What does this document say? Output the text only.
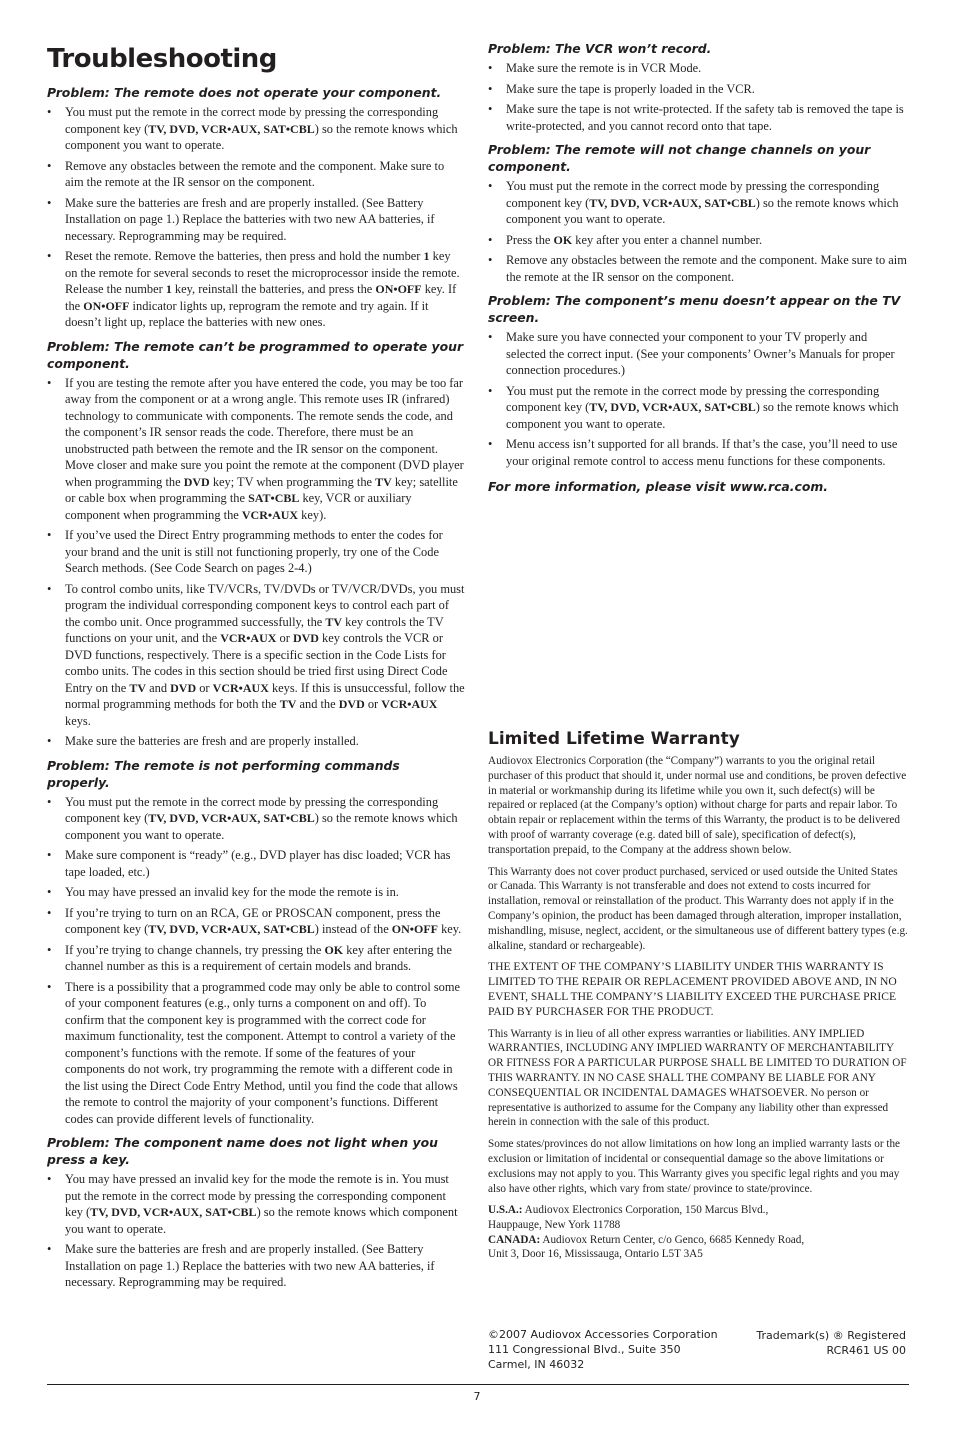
Troubleshooting

Problem: The remote does not operate your component.

• You must put the remote in the correct mode by pressing the corresponding component key (TV, DVD, VCR•AUX, SAT•CBL) so the remote knows which component you want to operate.
• Remove any obstacles between the remote and the component. Make sure to aim the remote at the IR sensor on the component.
• Make sure the batteries are fresh and are properly installed. (See Battery Installation on page 1.) Replace the batteries with two new AA batteries, if necessary. Reprogramming may be required.
• Reset the remote. Remove the batteries, then press and hold the number 1 key on the remote for several seconds to reset the microprocessor inside the remote. Release the number 1 key, reinstall the batteries, and press the ON•OFF key. If the ON•OFF indicator lights up, reprogram the remote and try again. If it doesn’t light up, replace the batteries with new ones.

Problem: The remote can’t be programmed to operate your component.

• If you are testing the remote after you have entered the code, you may be too far away from the component or at a wrong angle. This remote uses IR (infrared) technology to communicate with components. The remote sends the code, and the component’s IR sensor reads the code. Therefore, there must be an unobstructed path between the remote and the IR sensor on the component. Move closer and make sure you point the remote at the component (DVD player when programming the DVD key; TV when programming the TV key; satellite or cable box when programming the SAT•CBL key, VCR or auxiliary component when programming the VCR•AUX key).
• If you’ve used the Direct Entry programming methods to enter the codes for your brand and the unit is still not functioning properly, try one of the Code Search methods. (See Code Search on pages 2-4.)
• To control combo units, like TV/VCRs, TV/DVDs or TV/VCR/DVDs, you must program the individual corresponding component keys to control each part of the combo unit. Once programmed successfully, the TV key controls the TV functions on your unit, and the VCR•AUX or DVD key controls the VCR or DVD functions, respectively. There is a specific section in the Code Lists for combo units. The codes in this section should be tried first using Direct Code Entry on the TV and DVD or VCR•AUX keys. If this is unsuccessful, follow the normal programming methods for both the TV and the DVD or VCR•AUX keys.
• Make sure the batteries are fresh and are properly installed.

Problem: The remote is not performing commands properly.

• You must put the remote in the correct mode by pressing the corresponding component key (TV, DVD, VCR•AUX, SAT•CBL) so the remote knows which component you want to operate.
• Make sure component is “ready” (e.g., DVD player has disc loaded; VCR has tape loaded, etc.)
• You may have pressed an invalid key for the mode the remote is in.
• If you’re trying to turn on an RCA, GE or PROSCAN component, press the component key (TV, DVD, VCR•AUX, SAT•CBL) instead of the ON•OFF key.
• If you’re trying to change channels, try pressing the OK key after entering the channel number as this is a requirement of certain models and brands.
• There is a possibility that a programmed code may only be able to control some of your component features (e.g., only turns a component on and off). To confirm that the component key is programmed with the correct code for maximum functionality, test the component. Attempt to control a variety of the component’s functions with the remote. If some of the features of your components do not work, try programming the remote with a different code in the list using the Direct Code Entry Method, until you find the code that allows the remote to control the majority of your component’s functions. Different codes can provide different levels of functionality.

Problem: The component name does not light when you press a key.

• You may have pressed an invalid key for the mode the remote is in. You must put the remote in the correct mode by pressing the corresponding component key (TV, DVD, VCR•AUX, SAT•CBL) so the remote knows which component you want to operate.
• Make sure the batteries are fresh and are properly installed. (See Battery Installation on page 1.) Replace the batteries with two new AA batteries, if necessary. Reprogramming may be required.

Problem: The VCR won’t record.

• Make sure the remote is in VCR Mode.
• Make sure the tape is properly loaded in the VCR.
• Make sure the tape is not write-protected. If the safety tab is removed the tape is write-protected, and you cannot record onto that tape.

Problem: The remote will not change channels on your component.

• You must put the remote in the correct mode by pressing the corresponding component key (TV, DVD, VCR•AUX, SAT•CBL) so the remote knows which component you want to operate.
• Press the OK key after you enter a channel number.
• Remove any obstacles between the remote and the component. Make sure to aim the remote at the IR sensor on the component.

Problem: The component’s menu doesn’t appear on the TV screen.

• Make sure you have connected your component to your TV properly and selected the correct input. (See your components’ Owner’s Manuals for proper connection procedures.)
• You must put the remote in the correct mode by pressing the corresponding component key (TV, DVD, VCR•AUX, SAT•CBL) so the remote knows which component you want to operate.
• Menu access isn’t supported for all brands. If that’s the case, you’ll need to use your original remote control to access menu functions for these components.

For more information, please visit www.rca.com.

Limited Lifetime Warranty

Audiovox Electronics Corporation (the “Company”) warrants to you the original retail purchaser of this product that should it, under normal use and conditions, be proven defective in material or workmanship during its lifetime while you own it, such defect(s) will be repaired or replaced (at the Company’s option) without charge for parts and repair labor. To obtain repair or replacement within the terms of this Warranty, the product is to be delivered with proof of warranty coverage (e.g. dated bill of sale), specification of defect(s), transportation prepaid, to the Company at the address shown below.

This Warranty does not cover product purchased, serviced or used outside the United States or Canada. This Warranty is not transferable and does not extend to costs incurred for installation, removal or reinstallation of the product. This Warranty does not apply if in the Company’s opinion, the product has been damaged through alteration, improper installation, mishandling, misuse, neglect, accident, or the simultaneous use of different battery types (e.g. alkaline, standard or rechargeable).

THE EXTENT OF THE COMPANY’S LIABILITY UNDER THIS WARRANTY IS LIMITED TO THE REPAIR OR REPLACEMENT PROVIDED ABOVE AND, IN NO EVENT, SHALL THE COMPANY’S LIABILITY EXCEED THE PURCHASE PRICE PAID BY PURCHASER FOR THE PRODUCT.

This Warranty is in lieu of all other express warranties or liabilities. ANY IMPLIED WARRANTIES, INCLUDING ANY IMPLIED WARRANTY OF MERCHANTABILITY OR FITNESS FOR A PARTICULAR PURPOSE SHALL BE LIMITED TO DURATION OF THIS WARRANTY. IN NO CASE SHALL THE COMPANY BE LIABLE FOR ANY CONSEQUENTIAL OR INCIDENTAL DAMAGES WHATSOEVER. No person or representative is authorized to assume for the Company any liability other than expressed herein in connection with the sale of this product.

Some states/provinces do not allow limitations on how long an implied warranty lasts or the exclusion or limitation of incidental or consequential damage so the above limitations or exclusions may not apply to you. This Warranty gives you specific legal rights and you may also have other rights, which vary from state/ province to state/province.

U.S.A.: Audiovox Electronics Corporation, 150 Marcus Blvd.,
Hauppauge, New York 11788
CANADA: Audiovox Return Center, c/o Genco, 6685 Kennedy Road,
Unit 3, Door 16, Mississauga, Ontario L5T 3A5
©2007 Audiovox Accessories Corporation
111 Congressional Blvd., Suite 350
Carmel, IN 46032
Trademark(s) ® Registered
RCR461 US 00
7
